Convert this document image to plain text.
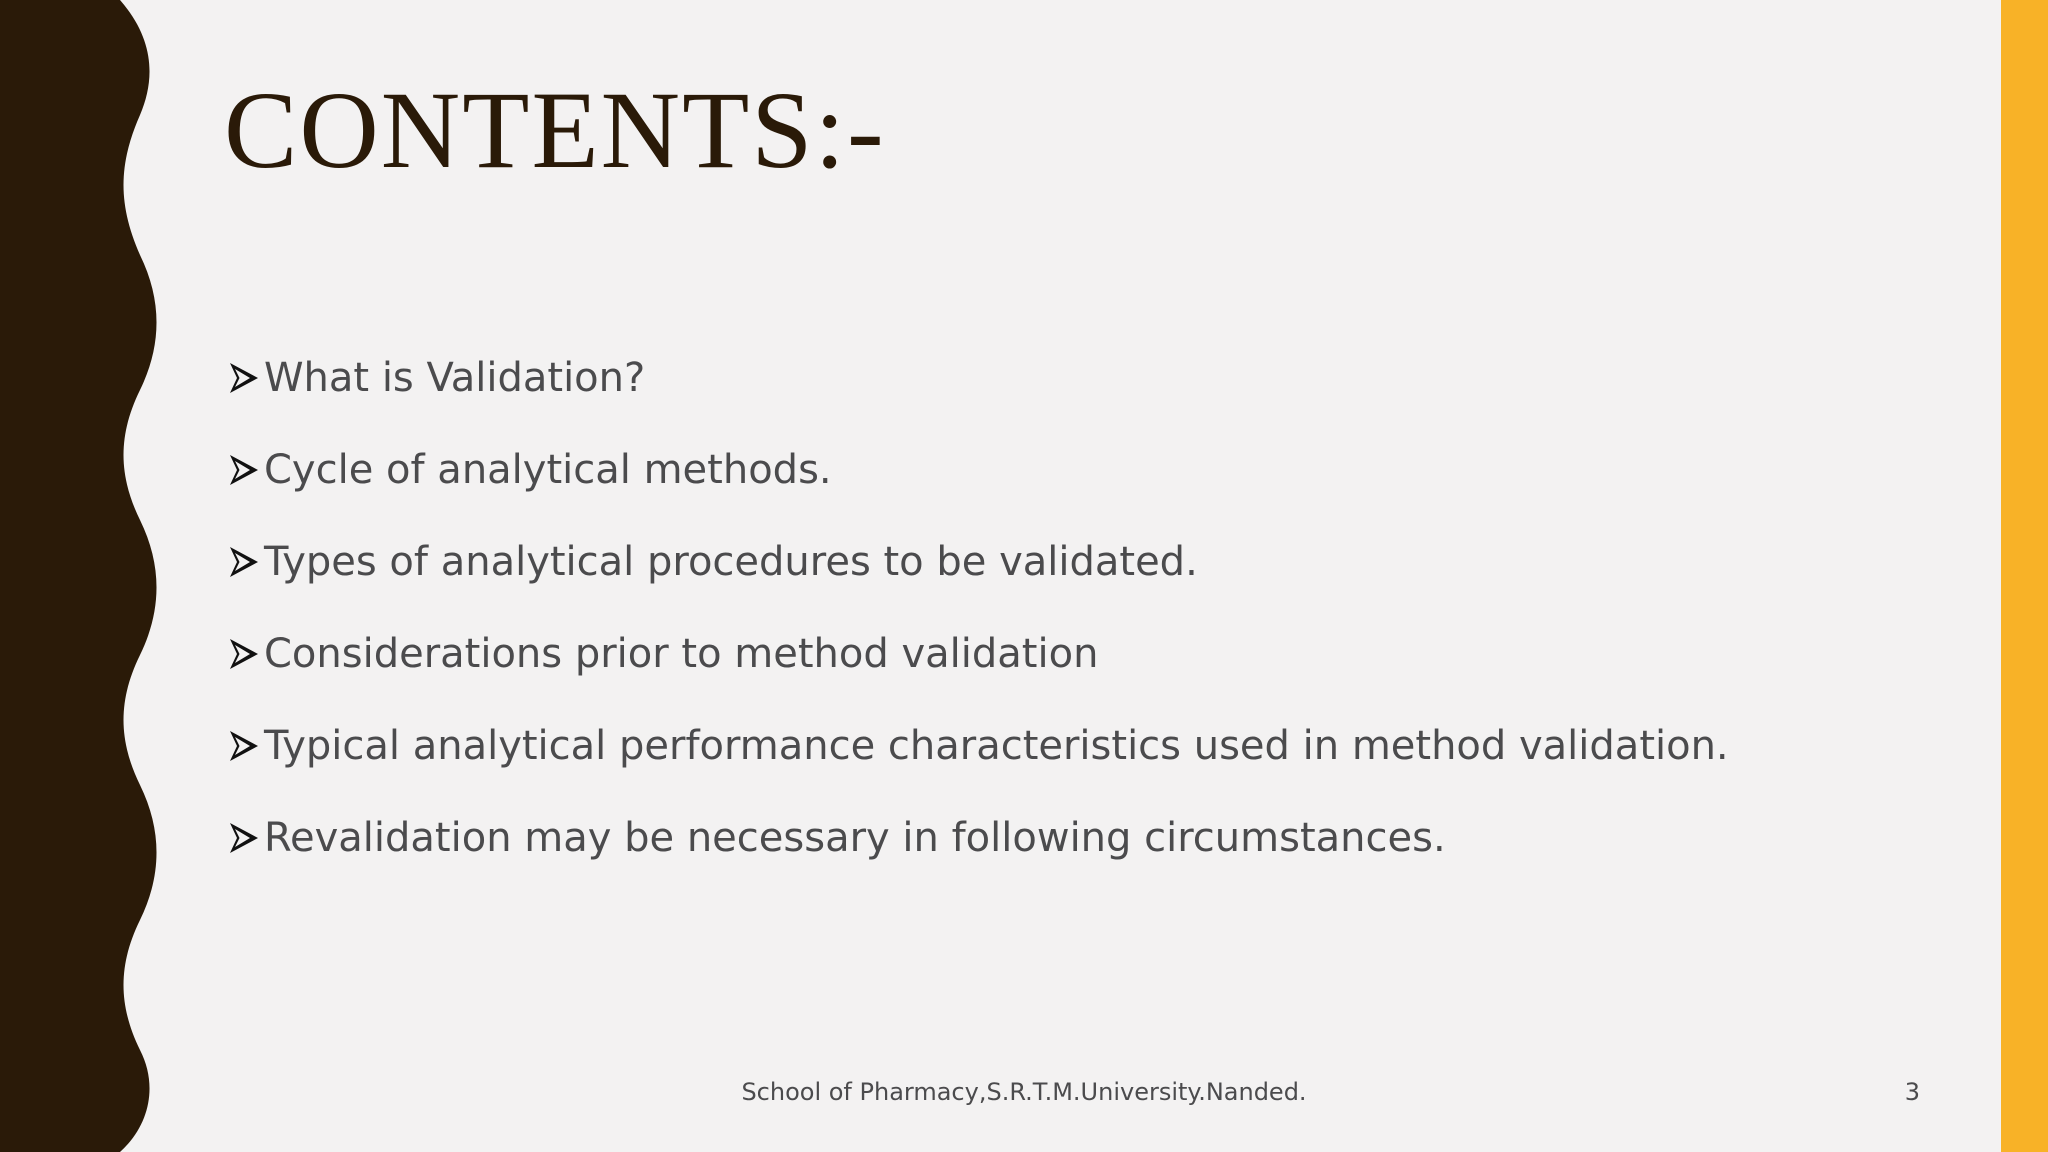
CONTENTS:-
What is Validation?
Cycle of analytical methods.
Types of analytical procedures to be validated.
Considerations prior to method validation
Typical analytical performance characteristics used in method validation.
Revalidation may be necessary in following circumstances.
School of Pharmacy,S.R.T.M.University.Nanded.	3
